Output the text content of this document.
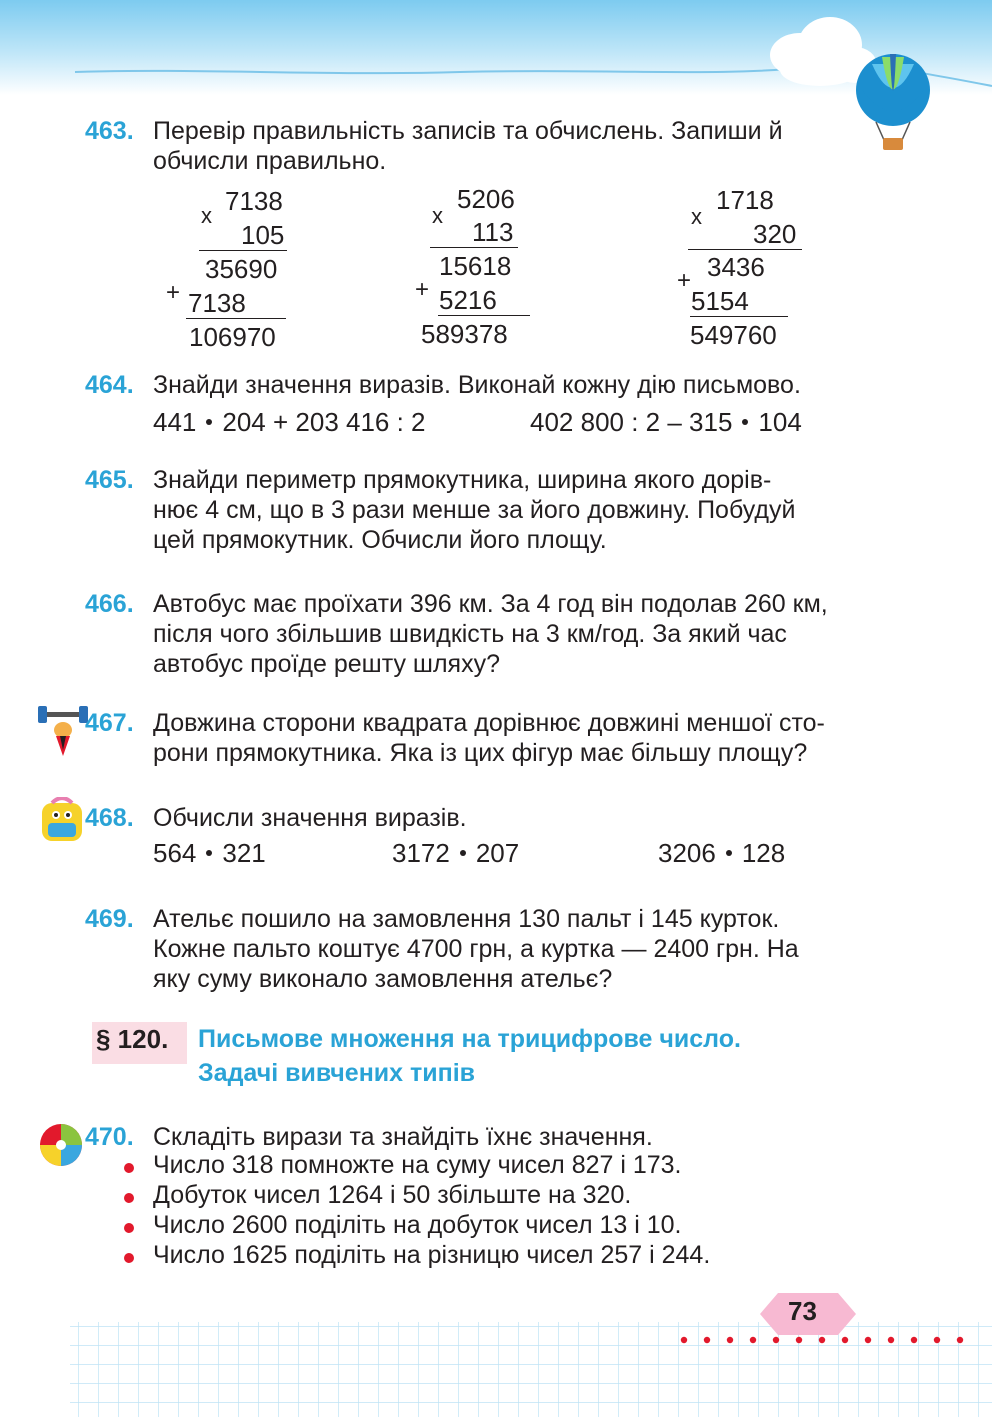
463. Перевір правильність записів та обчислень. Запиши й
обчисли правильно.
x 7138
105
35690
+ 7138
106970
x
5206
113
15618
+ 5216
589378
x
1718
320
3436
+
5154
549760
464. Знайди значення виразів. Виконай кожну дію письмово.
441 204 + 203 416 : 2	402 800 : 2 – 315 104
465. Знайди периметр прямокутника, ширина якого дорів-
нює 4 см, що в 3 рази менше за його довжину. Побудуй
цей прямокутник. Обчисли його площу.
466. Автобус має проїхати 396 км. За 4 год він подолав 260 км,
після чого збільшив швидкість на 3 км/год. За який час
автобус проїде решту шляху?
467. Довжина сторони квадрата дорівнює довжині меншої сто-
рони прямокутника. Яка із цих фігур має більшу площу?
468. Обчисли значення виразів.
564 321	3172 207	3206 128
469. Ательє пошило на замовлення 130 пальт і 145 курток.
Кожне пальто коштує 4700 грн, а куртка — 2400 грн. На
яку суму виконало замовлення ательє?
§ 120. Письмове множення на трицифрове число.
Задачі вивчених типів
470. Складіть вирази та знайдіть їхнє значення.
Число 318 помножте на суму чисел 827 і 173.
Добуток чисел 1264 і 50 збільште на 320.
Число 2600 поділіть на добуток чисел 13 і 10.
Число 1625 поділіть на різницю чисел 257 і 244.
73
